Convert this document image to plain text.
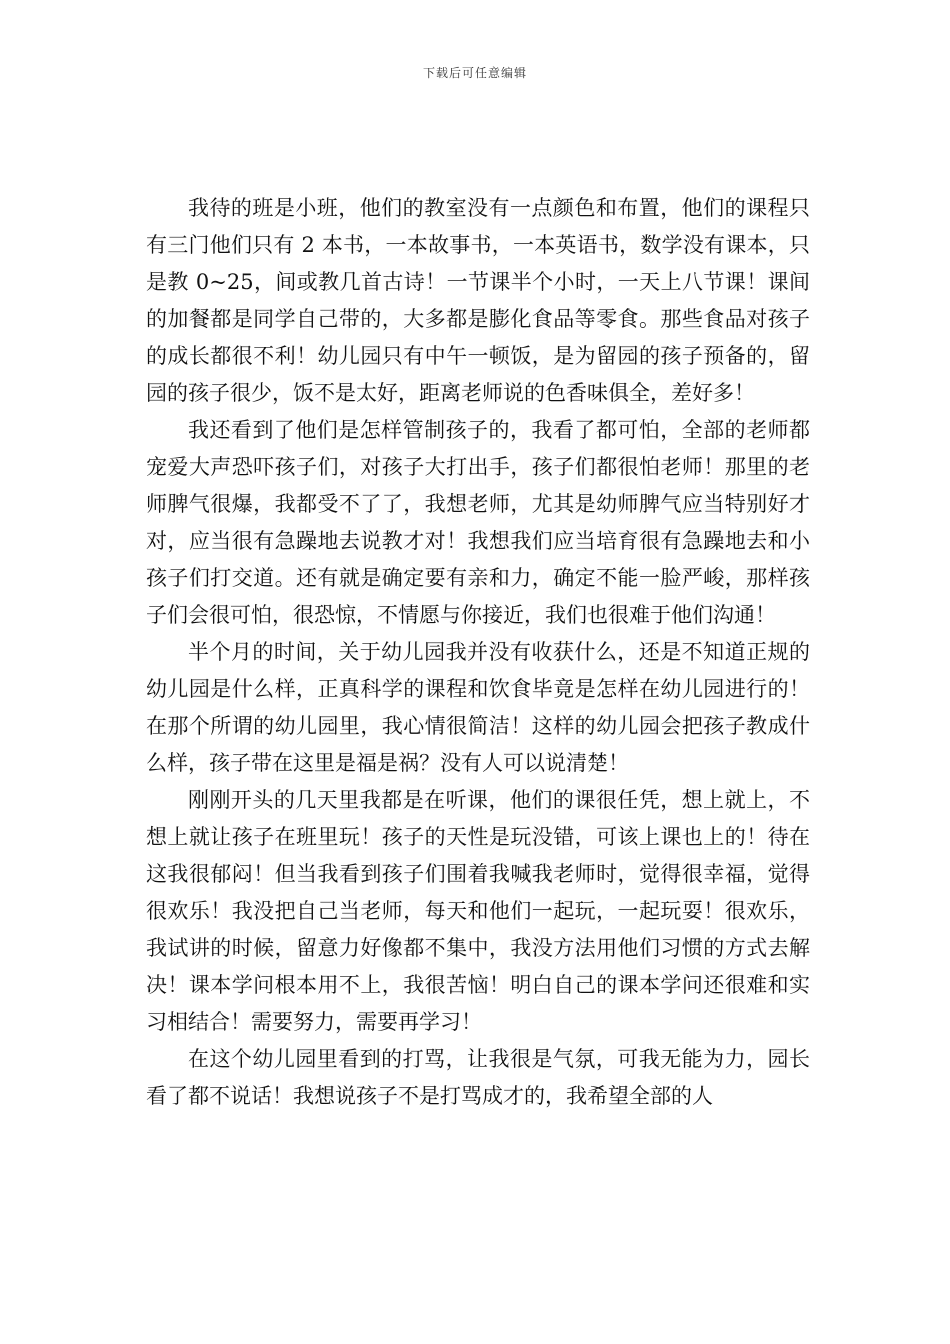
下载后可任意编辑

我待的班是小班，他们的教室没有一点颜色和布置，他们的课程只有三门他们只有 2 本书，一本故事书，一本英语书，数学没有课本，只是教 0~25，间或教几首古诗！一节课半个小时，一天上八节课！课间的加餐都是同学自己带的，大多都是膨化食品等零食。那些食品对孩子的成长都很不利！幼儿园只有中午一顿饭，是为留园的孩子预备的，留园的孩子很少，饭不是太好，距离老师说的色香味俱全，差好多！

我还看到了他们是怎样管制孩子的，我看了都可怕，全部的老师都宠爱大声恐吓孩子们，对孩子大打出手，孩子们都很怕老师！那里的老师脾气很爆，我都受不了了，我想老师，尤其是幼师脾气应当特别好才对，应当很有急躁地去说教才对！我想我们应当培育很有急躁地去和小孩子们打交道。还有就是确定要有亲和力，确定不能一脸严峻，那样孩子们会很可怕，很恐惊，不情愿与你接近，我们也很难于他们沟通！

半个月的时间，关于幼儿园我并没有收获什么，还是不知道正规的幼儿园是什么样，正真科学的课程和饮食毕竟是怎样在幼儿园进行的！在那个所谓的幼儿园里，我心情很简洁！这样的幼儿园会把孩子教成什么样，孩子带在这里是福是祸？没有人可以说清楚！

刚刚开头的几天里我都是在听课，他们的课很任凭，想上就上，不想上就让孩子在班里玩！孩子的天性是玩没错，可该上课也上的！待在这我很郁闷！但当我看到孩子们围着我喊我老师时，觉得很幸福，觉得很欢乐！我没把自己当老师，每天和他们一起玩，一起玩耍！很欢乐，我试讲的时候，留意力好像都不集中，我没方法用他们习惯的方式去解决！课本学问根本用不上，我很苦恼！明白自己的课本学问还很难和实习相结合！需要努力，需要再学习！

在这个幼儿园里看到的打骂，让我很是气氛，可我无能为力，园长看了都不说话！我想说孩子不是打骂成才的，我希望全部的人
